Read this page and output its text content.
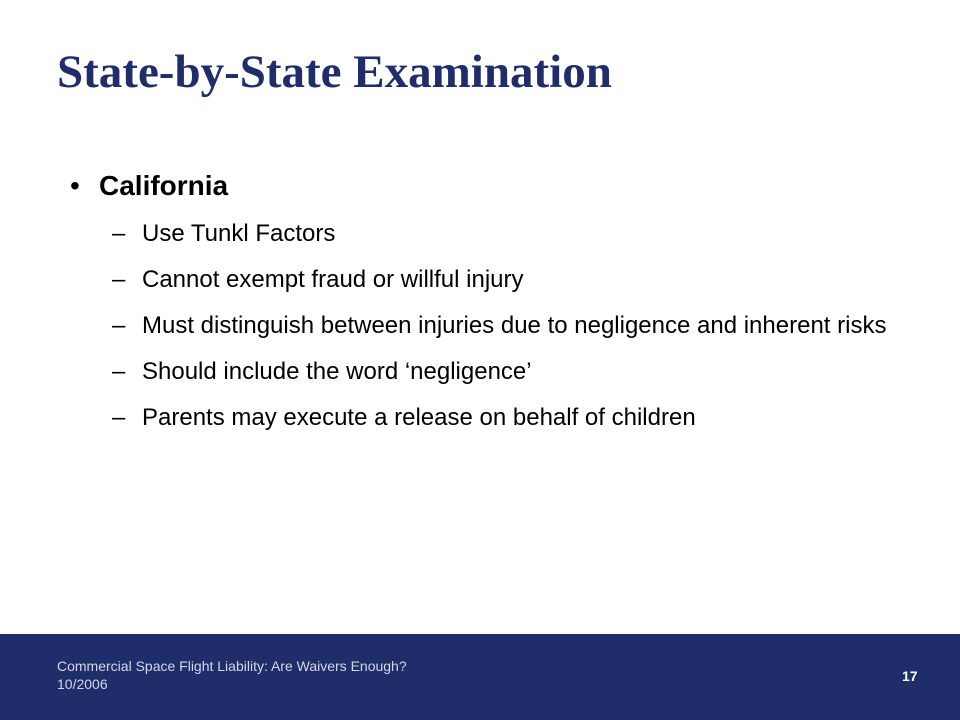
State-by-State Examination
• California
– Use Tunkl Factors
– Cannot exempt fraud or willful injury
– Must distinguish between injuries due to negligence and inherent risks
– Should include the word ‘negligence’
– Parents may execute a release on behalf of children
Commercial Space Flight Liability: Are Waivers Enough?
10/2006	17
